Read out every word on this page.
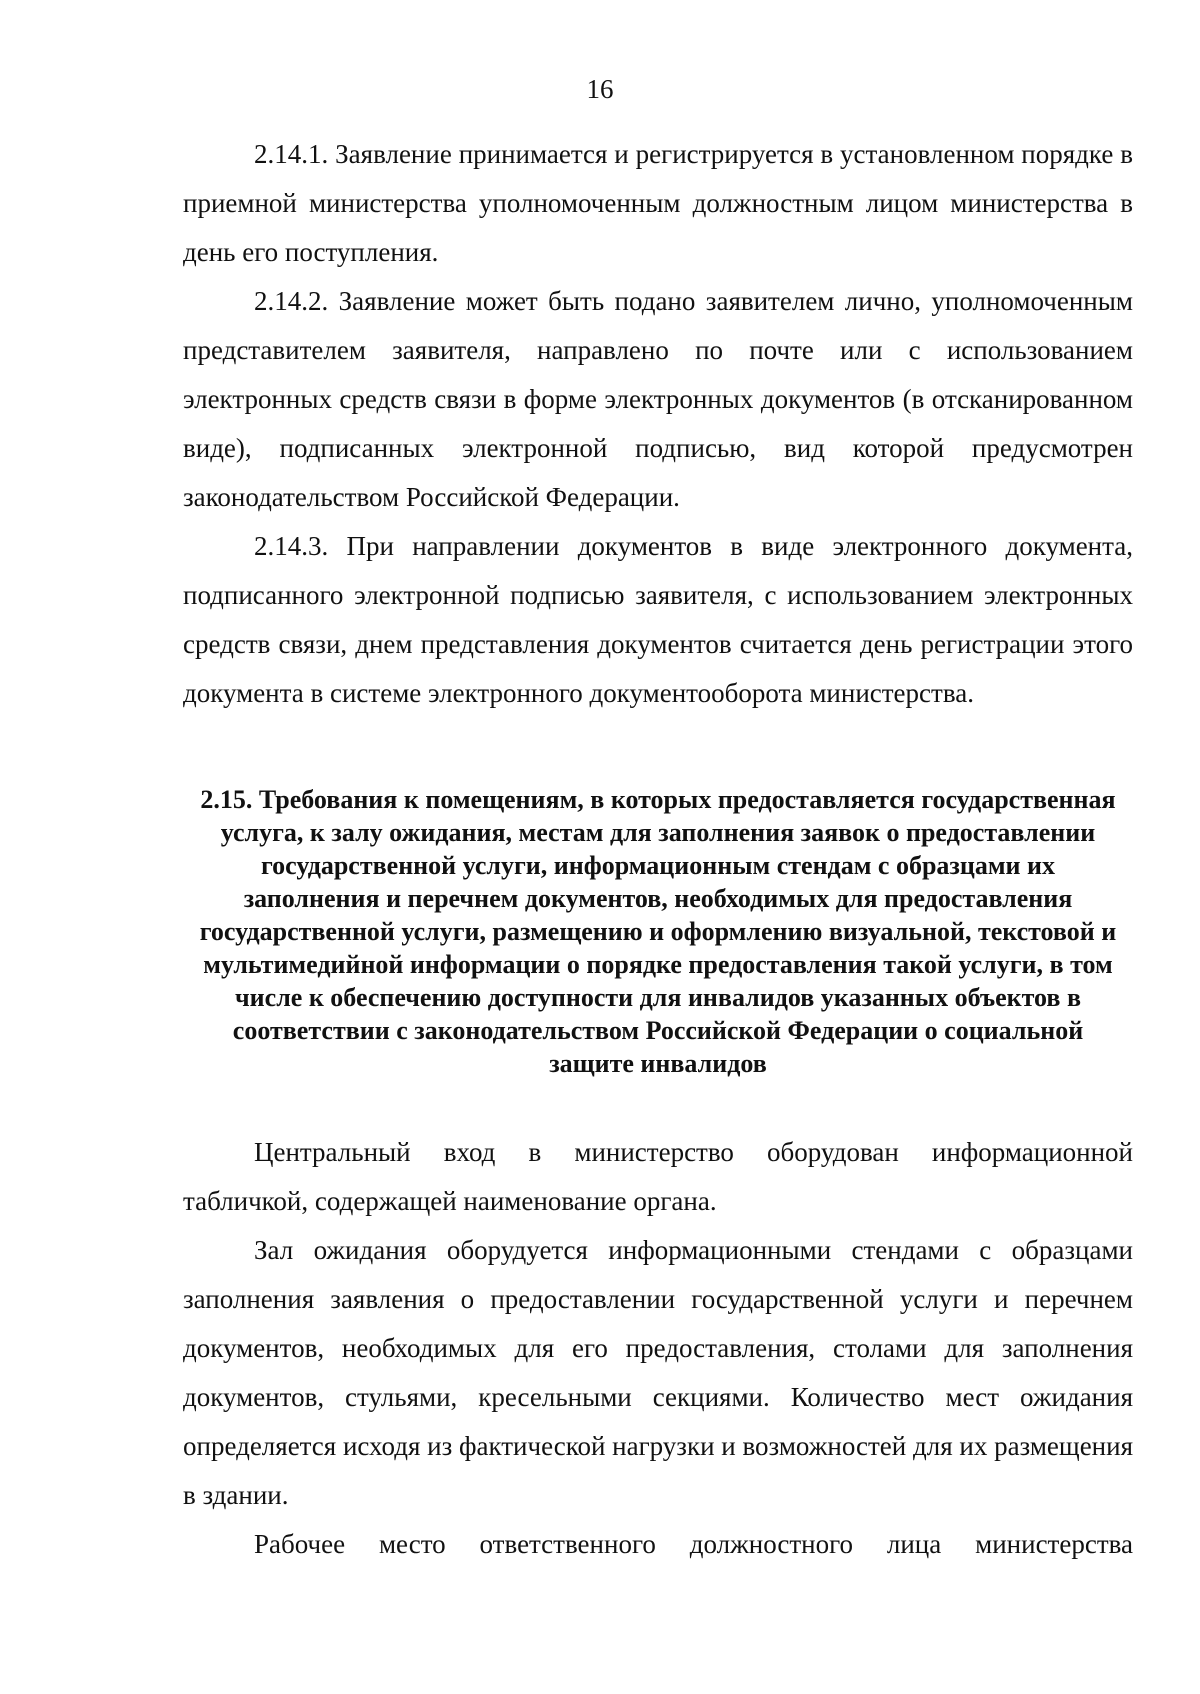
16

2.14.1. Заявление принимается и регистрируется в установленном порядке в приемной министерства уполномоченным должностным лицом министерства в день его поступления.

2.14.2. Заявление может быть подано заявителем лично, уполномоченным представителем заявителя, направлено по почте или с использованием электронных средств связи в форме электронных документов (в отсканированном виде), подписанных электронной подписью, вид которой предусмотрен законодательством Российской Федерации.

2.14.3. При направлении документов в виде электронного документа, подписанного электронной подписью заявителя, с использованием электронных средств связи, днем представления документов считается день регистрации этого документа в системе электронного документооборота министерства.

2.15. Требования к помещениям, в которых предоставляется государственная услуга, к залу ожидания, местам для заполнения заявок о предоставлении государственной услуги, информационным стендам с образцами их заполнения и перечнем документов, необходимых для предоставления государственной услуги, размещению и оформлению визуальной, текстовой и мультимедийной информации о порядке предоставления такой услуги, в том числе к обеспечению доступности для инвалидов указанных объектов в соответствии с законодательством Российской Федерации о социальной защите инвалидов

Центральный вход в министерство оборудован информационной табличкой, содержащей наименование органа.

Зал ожидания оборудуется информационными стендами с образцами заполнения заявления о предоставлении государственной услуги и перечнем документов, необходимых для его предоставления, столами для заполнения документов, стульями, кресельными секциями. Количество мест ожидания определяется исходя из фактической нагрузки и возможностей для их размещения в здании.

Рабочее место ответственного должностного лица министерства
